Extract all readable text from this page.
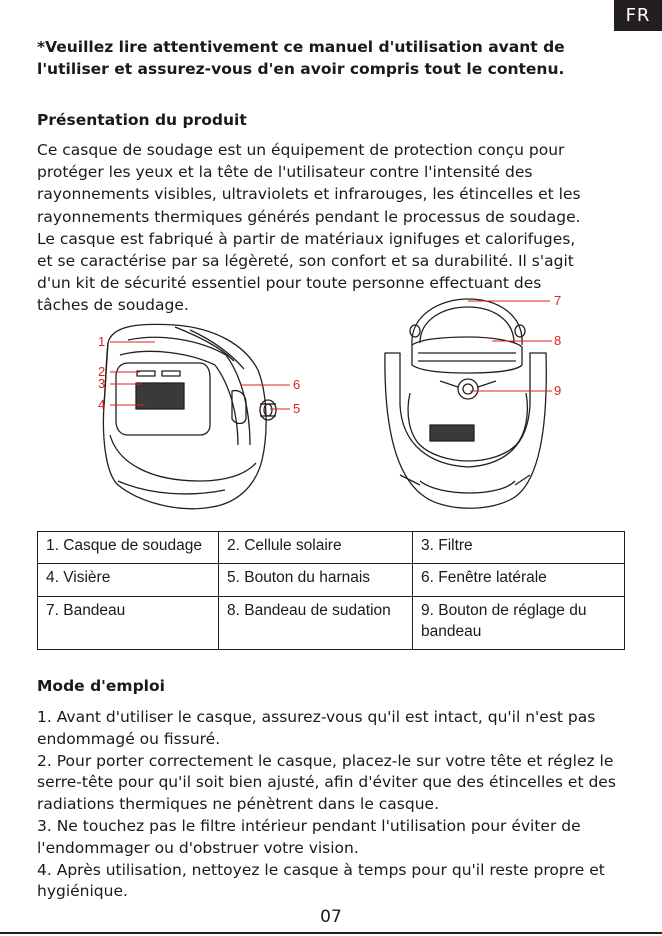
FR
*Veuillez lire attentivement ce manuel d'utilisation avant de l'utiliser et assurez-vous d'en avoir compris tout le contenu.
Présentation du produit
Ce casque de soudage est un équipement de protection conçu pour
protéger les yeux et la tête de l'utilisateur contre l'intensité des
rayonnements visibles, ultraviolets et infrarouges, les étincelles et les
rayonnements thermiques générés pendant le processus de soudage.
Le casque est fabriqué à partir de matériaux ignifuges et calorifuges,
et se caractérise par sa légèreté, son confort et sa durabilité. Il s'agit
d'un kit de sécurité essentiel pour toute personne effectuant des
tâches de soudage.
1
2
3
4	5
6
7
8
9
1. Casque de soudage	2. Cellule solaire	3. Filtre
4. Visière	5. Bouton du harnais	6. Fenêtre latérale
7. Bandeau	8. Bandeau de sudation	9. Bouton de réglage du bandeau
Mode d'emploi

1. Avant d'utiliser le casque, assurez-vous qu'il est intact, qu'il n'est pas endommagé ou fissuré.

2. Pour porter correctement le casque, placez-le sur votre tête et réglez le serre-tête pour qu'il soit bien ajusté, afin d'éviter que des étincelles et des radiations thermiques ne pénètrent dans le casque.

3. Ne touchez pas le filtre intérieur pendant l'utilisation pour éviter de l'endommager ou d'obstruer votre vision.

4. Après utilisation, nettoyez le casque à temps pour qu'il reste propre et hygiénique.

07
